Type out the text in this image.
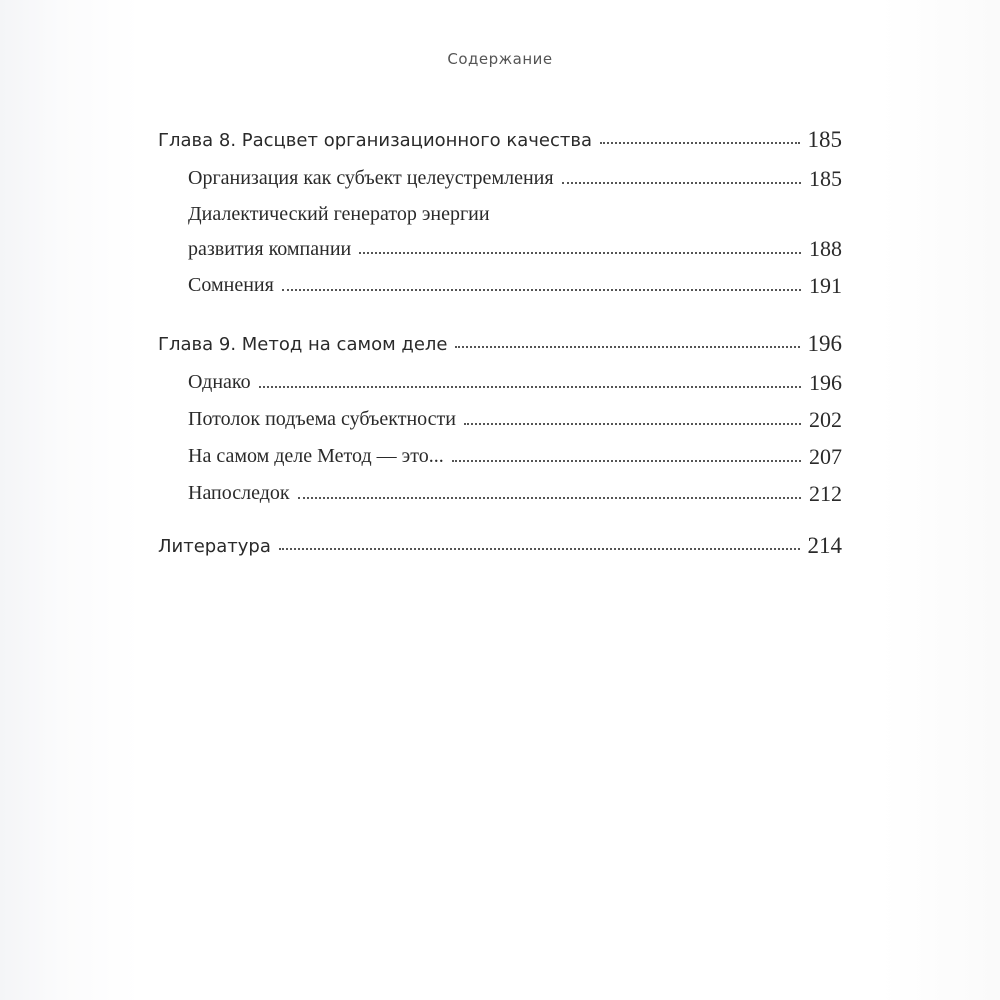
Содержание
Глава 8. Расцвет организационного качества	185
Организация как субъект целеустремления	185
Диалектический генератор энергии
развития компании	188
Сомнения	191
Глава 9. Метод на самом деле	196
Однако	196
Потолок подъема субъектности	202
На самом деле Метод — это...	207
Напоследок	212
Литература	214
